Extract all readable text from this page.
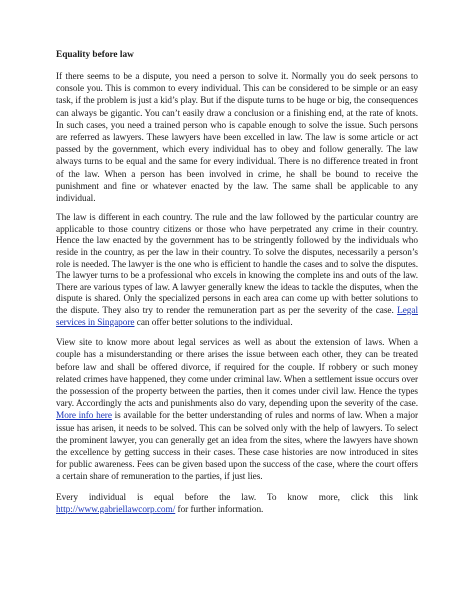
Equality before law

If there seems to be a dispute, you need a person to solve it. Normally you do seek persons to console you. This is common to every individual. This can be considered to be simple or an easy task, if the problem is just a kid’s play. But if the dispute turns to be huge or big, the consequences can always be gigantic. You can’t easily draw a conclusion or a finishing end, at the rate of knots. In such cases, you need a trained person who is capable enough to solve the issue. Such persons are referred as lawyers. These lawyers have been excelled in law. The law is some article or act passed by the government, which every individual has to obey and follow generally. The law always turns to be equal and the same for every individual. There is no difference treated in front of the law. When a person has been involved in crime, he shall be bound to receive the punishment and fine or whatever enacted by the law. The same shall be applicable to any individual.

The law is different in each country. The rule and the law followed by the particular country are applicable to those country citizens or those who have perpetrated any crime in their country. Hence the law enacted by the government has to be stringently followed by the individuals who reside in the country, as per the law in their country. To solve the disputes, necessarily a person’s role is needed. The lawyer is the one who is efficient to handle the cases and to solve the disputes. The lawyer turns to be a professional who excels in knowing the complete ins and outs of the law. There are various types of law. A lawyer generally knew the ideas to tackle the disputes, when the dispute is shared. Only the specialized persons in each area can come up with better solutions to the dispute. They also try to render the remuneration part as per the severity of the case. Legal services in Singapore can offer better solutions to the individual.

View site to know more about legal services as well as about the extension of laws. When a couple has a misunderstanding or there arises the issue between each other, they can be treated before law and shall be offered divorce, if required for the couple. If robbery or such money related crimes have happened, they come under criminal law. When a settlement issue occurs over the possession of the property between the parties, then it comes under civil law. Hence the types vary. Accordingly the acts and punishments also do vary, depending upon the severity of the case. More info here is available for the better understanding of rules and norms of law. When a major issue has arisen, it needs to be solved. This can be solved only with the help of lawyers. To select the prominent lawyer, you can generally get an idea from the sites, where the lawyers have shown the excellence by getting success in their cases. These case histories are now introduced in sites for public awareness. Fees can be given based upon the success of the case, where the court offers a certain share of remuneration to the parties, if just lies.

Every individual is equal before the law. To know more, click this link http://www.gabriellawcorp.com/ for further information.
